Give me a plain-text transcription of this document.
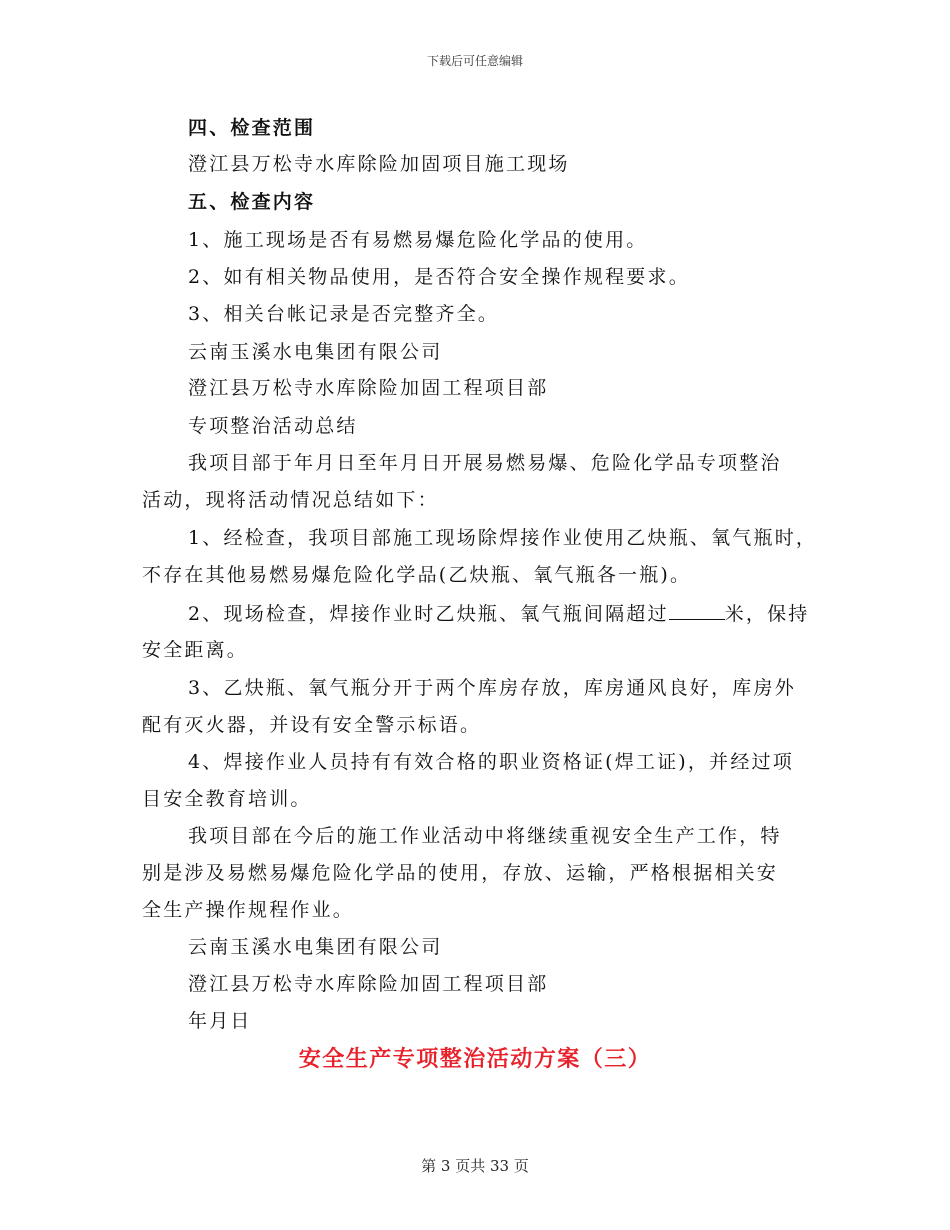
下载后可任意编辑
四、检查范围
澄江县万松寺水库除险加固项目施工现场
五、检查内容
1、施工现场是否有易燃易爆危险化学品的使用。
2、如有相关物品使用，是否符合安全操作规程要求。
3、相关台帐记录是否完整齐全。
云南玉溪水电集团有限公司
澄江县万松寺水库除险加固工程项目部
专项整治活动总结
我项目部于年月日至年月日开展易燃易爆、危险化学品专项整治
活动，现将活动情况总结如下：
1、经检查，我项目部施工现场除焊接作业使用乙炔瓶、氧气瓶时，
不存在其他易燃易爆危险化学品(乙炔瓶、氧气瓶各一瓶)。
2、现场检查，焊接作业时乙炔瓶、氧气瓶间隔超过	米，保持
安全距离。
3、乙炔瓶、氧气瓶分开于两个库房存放，库房通风良好，库房外
配有灭火器，并设有安全警示标语。
4、焊接作业人员持有有效合格的职业资格证(焊工证)，并经过项
目安全教育培训。
我项目部在今后的施工作业活动中将继续重视安全生产工作，特
别是涉及易燃易爆危险化学品的使用，存放、运输，严格根据相关安
全生产操作规程作业。
云南玉溪水电集团有限公司
澄江县万松寺水库除险加固工程项目部
年月日
安全生产专项整治活动方案（三）
第 3 页共 33 页
